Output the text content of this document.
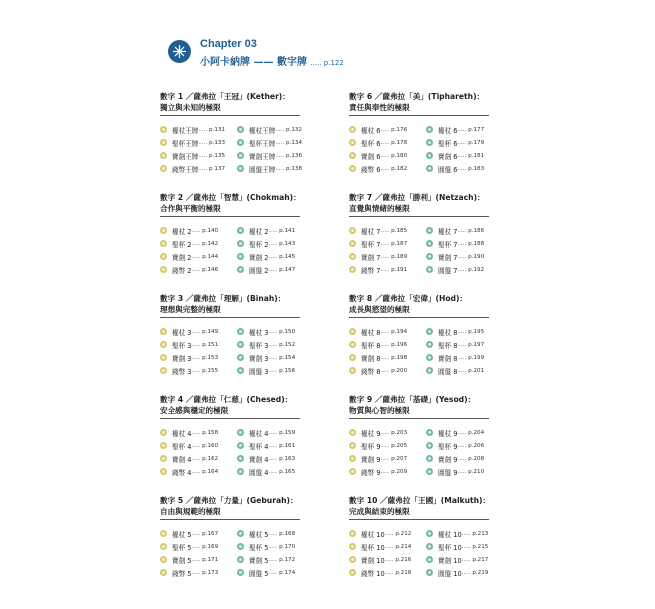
Chapter 03
小阿卡納牌 —— 數字牌 ..... p.122
數字 1 ／薩弗拉「王冠」(Kether)：
獨立與未知的極限
權杖王牌 ..... p.131	權杖王牌 ..... p.132
聖杯王牌 ..... p.133	聖杯王牌 ..... p.134
寶劍王牌 ..... p.135	寶劍王牌 ..... p.136
錢幣王牌 ..... p.137	圓盤王牌 ..... p.138
數字 2 ／薩弗拉「智慧」(Chokmah)：
合作與平衡的極限
權杖 2 ..... p.140	權杖 2 ..... p.141
聖杯 2 ..... p.142	聖杯 2 ..... p.143
寶劍 2 ..... p.144	寶劍 2 ..... p.145
錢幣 2 ..... p.146	圓盤 2 ..... p.147
數字 3 ／薩弗拉「理解」(Binah)：
理想與完整的極限
權杖 3 ..... p.149	權杖 3 ..... p.150
聖杯 3 ..... p.151	聖杯 3 ..... p.152
寶劍 3 ..... p.153	寶劍 3 ..... p.154
錢幣 3 ..... p.155	圓盤 3 ..... p.156
數字 4 ／薩弗拉「仁慈」(Chesed)：
安全感與穩定的極限
權杖 4 ..... p.158	權杖 4 ..... p.159
聖杯 4 ..... p.160	聖杯 4 ..... p.161
寶劍 4 ..... p.162	寶劍 4 ..... p.163
錢幣 4 ..... p.164	圓盤 4 ..... p.165
數字 5 ／薩弗拉「力量」(Geburah)：
自由與規範的極限
權杖 5 ..... p.167	權杖 5 ..... p.168
聖杯 5 ..... p.169	聖杯 5 ..... p.170
寶劍 5 ..... p.171	寶劍 5 ..... p.172
錢幣 5 ..... p.173	圓盤 5 ..... p.174
數字 6 ／薩弗拉「美」(Tiphareth)：
責任與奉性的極限
權杖 6 ..... p.176	權杖 6 ..... p.177
聖杯 6 ..... p.178	聖杯 6 ..... p.179
寶劍 6 ..... p.180	寶劍 6 ..... p.181
錢幣 6 ..... p.182	圓盤 6 ..... p.183
數字 7 ／薩弗拉「勝利」(Netzach)：
直覺與情緒的極限
權杖 7 ..... p.185	權杖 7 ..... p.186
聖杯 7 ..... p.187	聖杯 7 ..... p.188
寶劍 7 ..... p.189	寶劍 7 ..... p.190
錢幣 7 ..... p.191	圓盤 7 ..... p.192
數字 8 ／薩弗拉「宏偉」(Hod)：
成長與慾望的極限
權杖 8 ..... p.194	權杖 8 ..... p.195
聖杯 8 ..... p.196	聖杯 8 ..... p.197
寶劍 8 ..... p.198	寶劍 8 ..... p.199
錢幣 8 ..... p.200	圓盤 8 ..... p.201
數字 9 ／薩弗拉「基礎」(Yesod)：
物質與心智的極限
權杖 9 ..... p.203	權杖 9 ..... p.204
聖杯 9 ..... p.205	聖杯 9 ..... p.206
寶劍 9 ..... p.207	寶劍 9 ..... p.208
錢幣 9 ..... p.209	圓盤 9 ..... p.210
數字 10 ／薩弗拉「王國」(Malkuth)：
完成與結束的極限
權杖 10 ..... p.212	權杖 10 ..... p.213
聖杯 10 ..... p.214	聖杯 10 ..... p.215
寶劍 10 ..... p.216	寶劍 10 ..... p.217
錢幣 10 ..... p.218	圓盤 10 ..... p.219
